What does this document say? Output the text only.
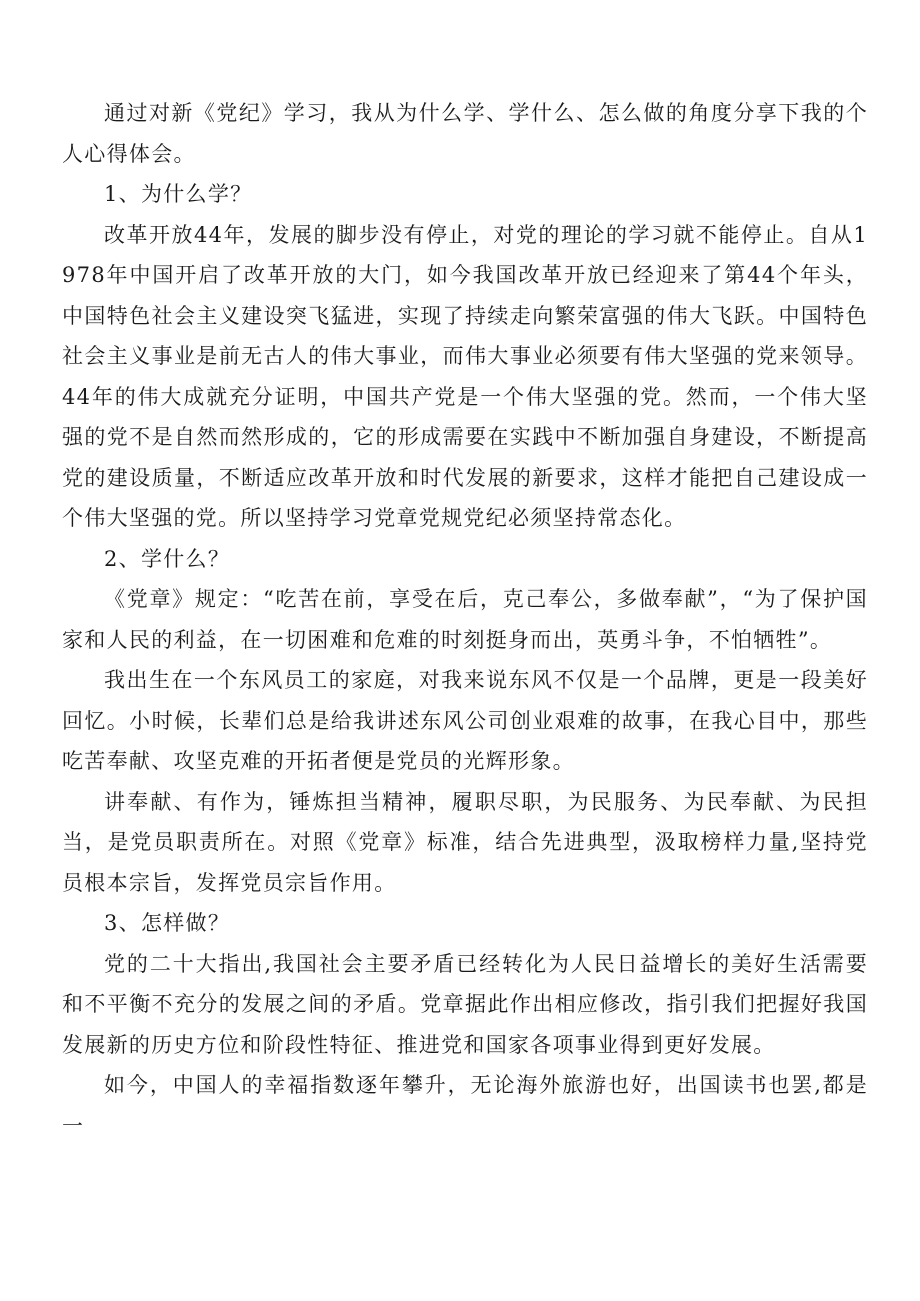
通过对新《党纪》学习，我从为什么学、学什么、怎么做的角度分享下我的个人心得体会。

1、为什么学？

改革开放44年，发展的脚步没有停止，对党的理论的学习就不能停止。自从1978年中国开启了改革开放的大门，如今我国改革开放已经迎来了第44个年头，中国特色社会主义建设突飞猛进，实现了持续走向繁荣富强的伟大飞跃。中国特色社会主义事业是前无古人的伟大事业，而伟大事业必须要有伟大坚强的党来领导。44年的伟大成就充分证明，中国共产党是一个伟大坚强的党。然而，一个伟大坚强的党不是自然而然形成的，它的形成需要在实践中不断加强自身建设，不断提高党的建设质量，不断适应改革开放和时代发展的新要求，这样才能把自己建设成一个伟大坚强的党。所以坚持学习党章党规党纪必须坚持常态化。

2、学什么？

《党章》规定：“吃苦在前，享受在后，克己奉公，多做奉献”，“为了保护国家和人民的利益，在一切困难和危难的时刻挺身而出，英勇斗争，不怕牺牲”。

我出生在一个东风员工的家庭，对我来说东风不仅是一个品牌，更是一段美好回忆。小时候，长辈们总是给我讲述东风公司创业艰难的故事，在我心目中，那些吃苦奉献、攻坚克难的开拓者便是党员的光辉形象。

讲奉献、有作为，锤炼担当精神，履职尽职，为民服务、为民奉献、为民担当，是党员职责所在。对照《党章》标准，结合先进典型，汲取榜样力量,坚持党员根本宗旨，发挥党员宗旨作用。

3、怎样做？

党的二十大指出,我国社会主要矛盾已经转化为人民日益增长的美好生活需要和不平衡不充分的发展之间的矛盾。党章据此作出相应修改，指引我们把握好我国发展新的历史方位和阶段性特征、推进党和国家各项事业得到更好发展。

如今，中国人的幸福指数逐年攀升，无论海外旅游也好，出国读书也罢,都是一
